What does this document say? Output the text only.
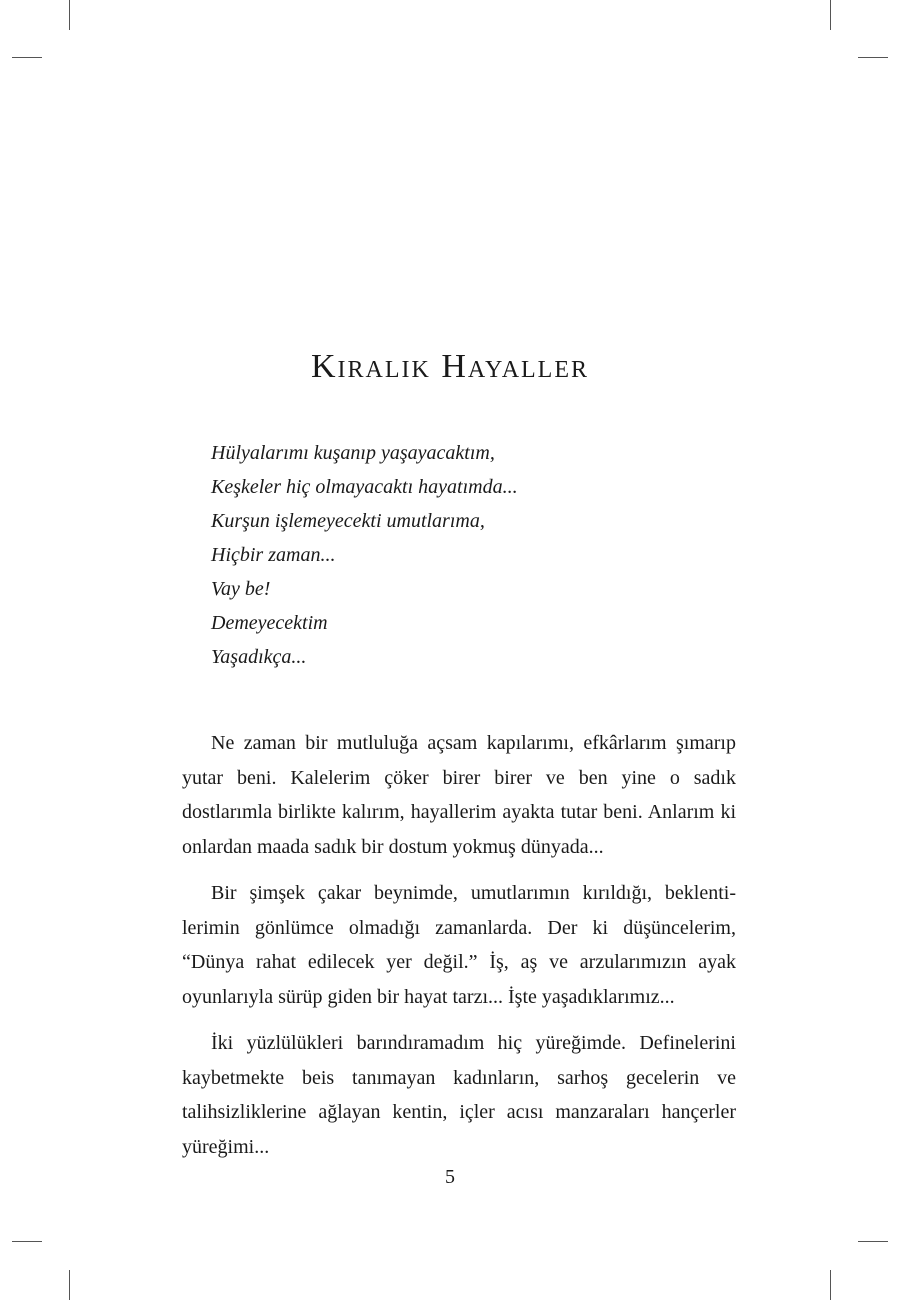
Kiralık Hayaller
Hülyalarımı kuşanıp yaşayacaktım,
Keşkeler hiç olmayacaktı hayatımda...
Kurşun işlemeyecekti umutlarıma,
Hiçbir zaman...
Vay be!
Demeyecektim
Yaşadıkça...

Ne zaman bir mutluluğa açsam kapılarımı, efkârlarım şımarıp yutar beni. Kalelerim çöker birer birer ve ben yine o sadık dostlarımla birlikte kalırım, hayallerim ayakta tutar beni. Anlarım ki onlardan maada sadık bir dostum yokmuş dünyada...

Bir şimşek çakar beynimde, umutlarımın kırıldığı, beklentilerimin gönlümce olmadığı zamanlarda. Der ki düşüncelerim, “Dünya rahat edilecek yer değil.” İş, aş ve arzularımızın ayak oyunlarıyla sürüp giden bir hayat tarzı... İşte yaşadıklarımız...

İki yüzlülükleri barındıramadım hiç yüreğimde. Definelerini kaybetmekte beis tanımayan kadınların, sarhoş gecelerin ve talihsizliklerine ağlayan kentin, içler acısı manzaraları hançerler yüreğimi...

5
